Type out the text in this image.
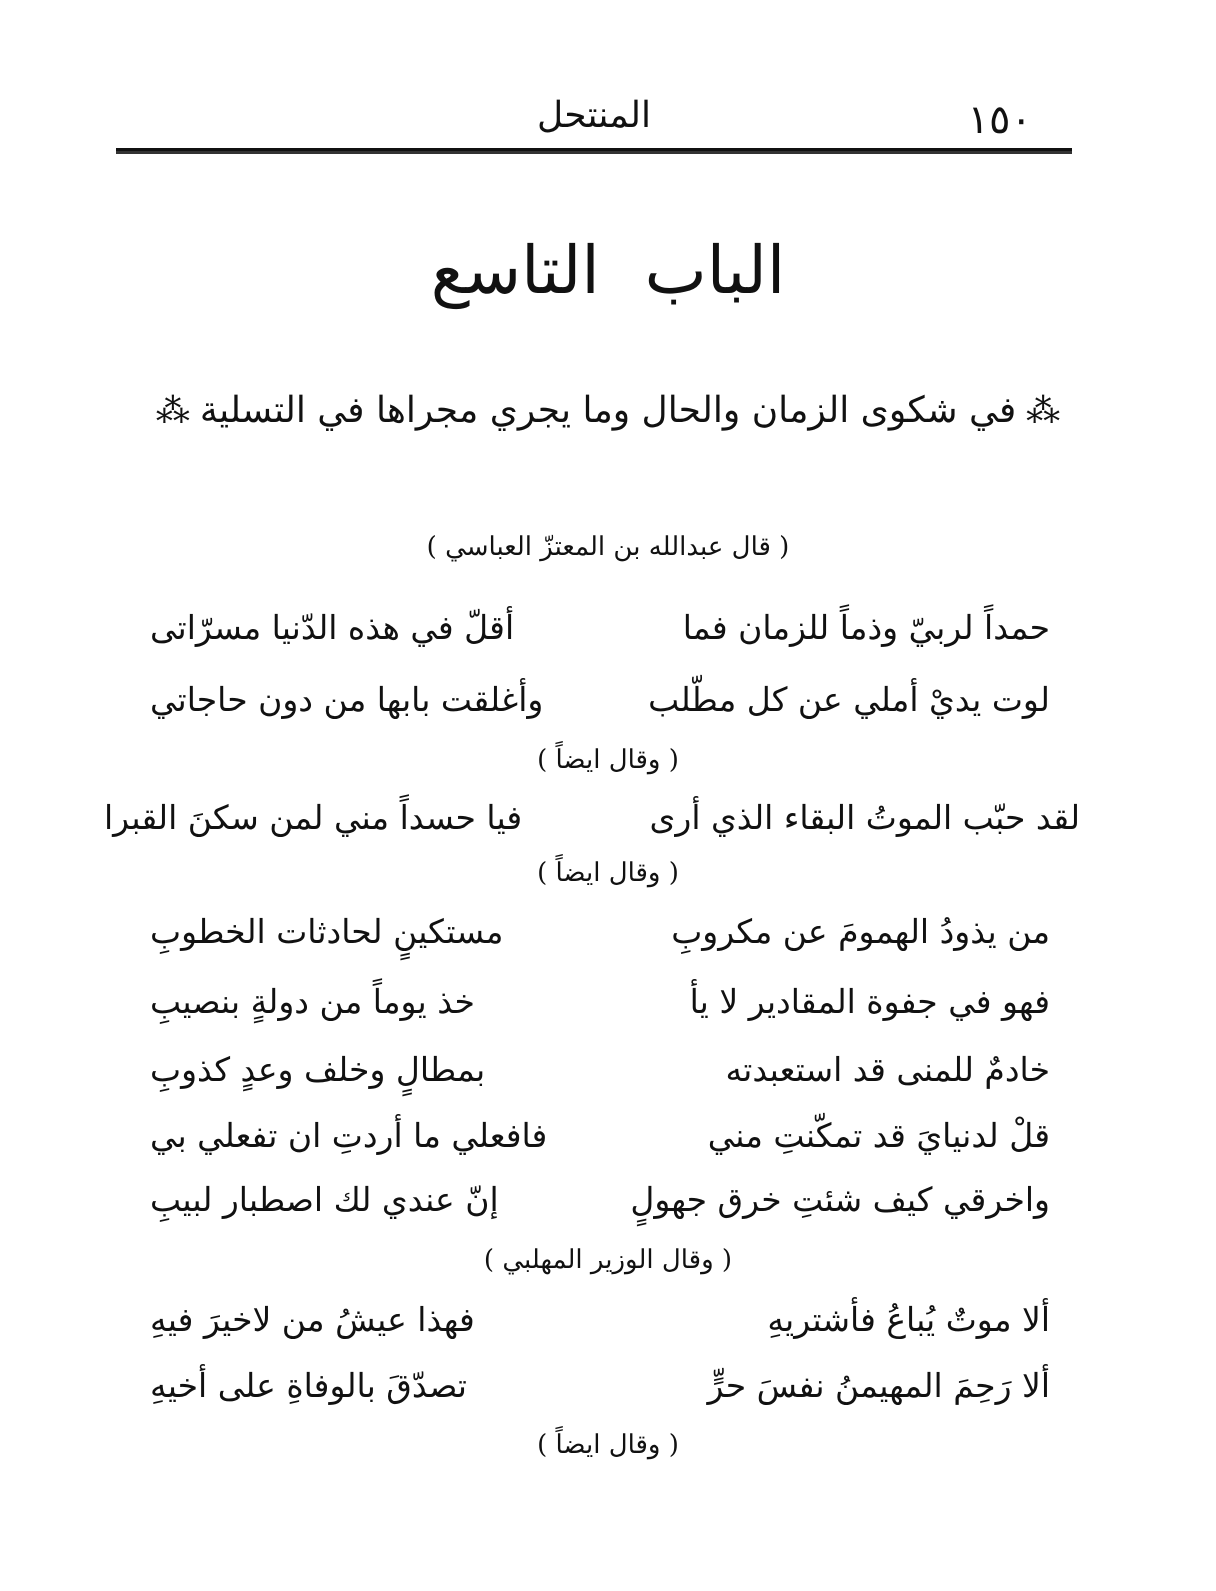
المنتحل	١٥٠
الباب التاسع
⁂في شكوى الزمان والحال وما يجري مجراها في التسلية⁂
( قال عبدالله بن المعتزّ العباسي )
حمداً لربيّ وذماً للزمان فما
أقلّ في هذه الدّنيا مسرّاتى
لوت يديْ أملي عن كل مطّلب
وأغلقت بابها من دون حاجاتي
( وقال ايضاً )
لقد حبّب الموتُ البقاء الذي أرى
فيا حسداً مني لمن سكنَ القبرا
( وقال ايضاً )
من يذودُ الهمومَ عن مكروبِ
مستكينٍ لحادثات الخطوبِ
فهو في جفوة المقادير لا يأ
خذ يوماً من دولةٍ بنصيبِ
خادمٌ للمنى قد استعبدته
بمطالٍ وخلف وعدٍ كذوبِ
قلْ لدنيايَ قد تمكّنتِ مني
فافعلي ما أردتِ ان تفعلي بي
واخرقي كيف شئتِ خرق جهولٍ
إنّ عندي لك اصطبار لبيبِ
( وقال الوزير المهلبي )
ألا موتٌ يُباعُ فأشتريهِ
فهذا عيشُ من لاخيرَ فيهِ
ألا رَحِمَ المهيمنُ نفسَ حرٍّ
تصدّقَ بالوفاةِ على أخيهِ
( وقال ايضاً )
